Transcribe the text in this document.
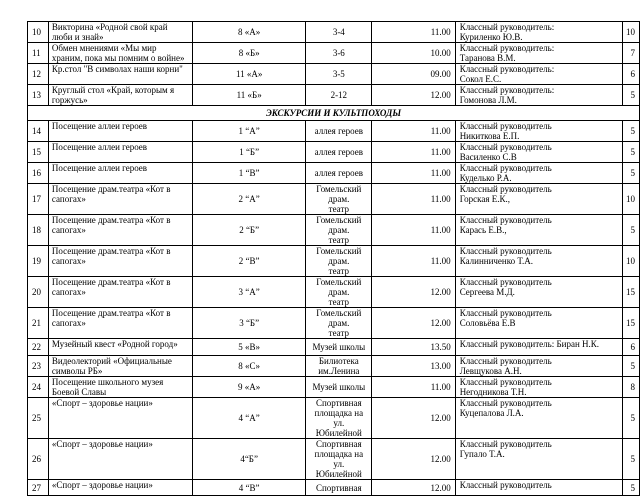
10	Викторина «Родной свой край люби и знай»	8 «А»	3-4	11.00	Классный руководитель:
Куриленко Ю.В.	10
11	Обмен мнениями «Мы мир храним, пока мы помним о войне»	8 «Б»	3-6	10.00	Классный руководитель:
Таранова В.М.	7
12	Кр.стол "В символах наши корни"	11 «А»	3-5	09.00	Классный руководитель:
Сокол Е.С.	6
13	Круглый стол «Край, которым я горжусь»	11 «Б»	2-12	12.00	Классный руководитель:
Гомонова Л.М.	5
ЭКСКУРСИИ И КУЛЬТПОХОДЫ						
14	Посещение аллеи героев	1 “А”	аллея героев	11.00	Классный руководитель
Никиткова Е.П.	5
15	Посещение аллеи героев	1 “Б”	аллея героев	11.00	Классный руководитель
Василенко С.В	5
16	Посещение аллеи героев	1 “В”	аллея героев	11.00	Классный руководитель
Куделько Р.А.	5
17	Посещение драм.театра «Кот в сапогах»	2 “А”	Гомельский драм.
театр	11.00	Классный руководитель
Горская Е.К.,	10
18	Посещение драм.театра «Кот в сапогах»	2 “Б”	Гомельский драм.
театр	11.00	Классный руководитель
Карась Е.В.,	5
19	Посещение драм.театра «Кот в сапогах»	2 “В”	Гомельский драм.
театр	11.00	Классный руководитель
Калинниченко Т.А.	10
20	Посещение драм.театра «Кот в сапогах»	3 “А”	Гомельский драм.
театр	12.00	Классный руководитель
Сергеева М.Д.	15
21	Посещение драм.театра «Кот в сапогах»	3 “Б”	Гомельский драм.
театр	12.00	Классный руководитель
Соловьёва Е.В	15
22	Музейный квест «Родной город»	5 «В»	Музей школы	13.50	Классный руководитель: Биран Н.К.	6
23	Видеолекторий «Официальные символы РБ»	8 «С»	Билиотека
им.Ленина	13.00	Классный руководитель
Левщукова А.Н.	5
24	Посещение школьного музея Боевой Славы	9 «А»	Музей школы	11.00	Классный руководитель
Негодникова Т.Н.	8
25	«Спорт – здоровье нации»	4 “А”	Спортивная
площадка на
ул. Юбилейной	12.00	Классный руководитель
Куцепалова Л.А.	5
26	«Спорт – здоровье нации»	4“Б”	Спортивная
площадка на
ул. Юбилейной	12.00	Классный руководитель
Гупало Т.А.	5
27	«Спорт – здоровье нации»	4 “В”	Спортивная	12.00	Классный руководитель	5
